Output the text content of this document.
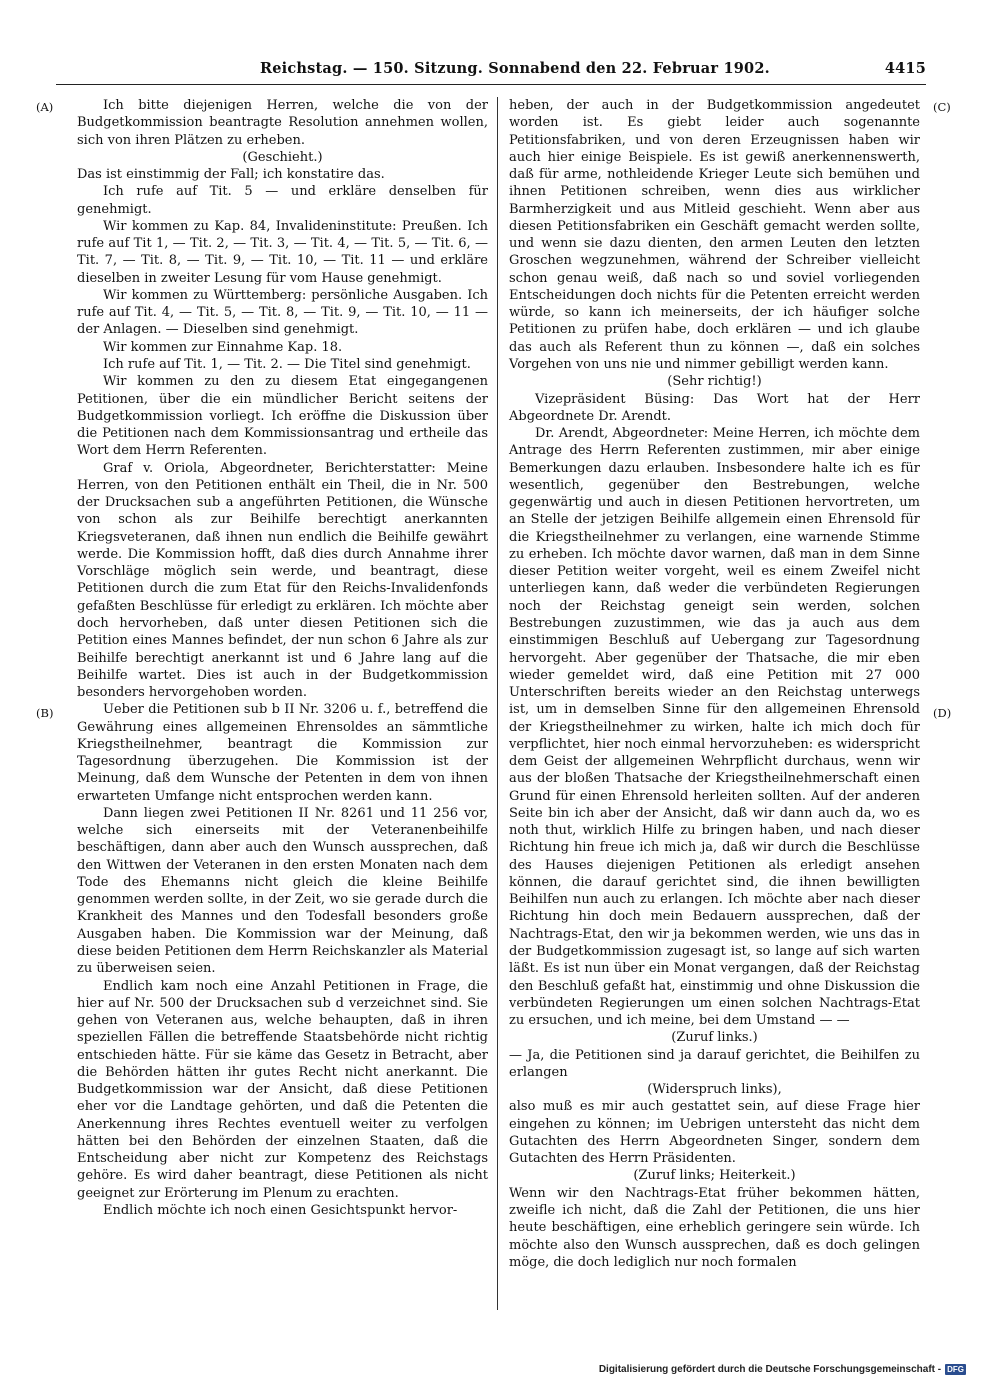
Reichstag. — 150. Sitzung. Sonnabend den 22. Februar 1902.	4415
(A)
(B)
(C)
(D)

Ich bitte diejenigen Herren, welche die von der Budgetkommission beantragte Resolution annehmen wollen, sich von ihren Plätzen zu erheben.

(Geschieht.)

Das ist einstimmig der Fall; ich konstatire das.

Ich rufe auf Tit. 5 — und erkläre denselben für genehmigt.

Wir kommen zu Kap. 84, Invalideninstitute: Preußen. Ich rufe auf Tit 1, — Tit. 2, — Tit. 3, — Tit. 4, — Tit. 5, — Tit. 6, — Tit. 7, — Tit. 8, — Tit. 9, — Tit. 10, — Tit. 11 — und erkläre dieselben in zweiter Lesung für vom Hause genehmigt.

Wir kommen zu Württemberg: persönliche Ausgaben. Ich rufe auf Tit. 4, — Tit. 5, — Tit. 8, — Tit. 9, — Tit. 10, — 11 — der Anlagen. — Dieselben sind genehmigt.

Wir kommen zur Einnahme Kap. 18.

Ich rufe auf Tit. 1, — Tit. 2. — Die Titel sind genehmigt.

Wir kommen zu den zu diesem Etat eingegangenen Petitionen, über die ein mündlicher Bericht seitens der Budgetkommission vorliegt. Ich eröffne die Diskussion über die Petitionen nach dem Kommissionsantrag und ertheile das Wort dem Herrn Referenten.

Graf v. Oriola, Abgeordneter, Berichterstatter: Meine Herren, von den Petitionen enthält ein Theil, die in Nr. 500 der Drucksachen sub a angeführten Petitionen, die Wünsche von schon als zur Beihilfe berechtigt anerkannten Kriegsveteranen, daß ihnen nun endlich die Beihilfe gewährt werde. Die Kommission hofft, daß dies durch Annahme ihrer Vorschläge möglich sein werde, und beantragt, diese Petitionen durch die zum Etat für den Reichs-Invalidenfonds gefaßten Beschlüsse für erledigt zu erklären. Ich möchte aber doch hervorheben, daß unter diesen Petitionen sich die Petition eines Mannes befindet, der nun schon 6 Jahre als zur Beihilfe berechtigt anerkannt ist und 6 Jahre lang auf die Beihilfe wartet. Dies ist auch in der Budgetkommission besonders hervorgehoben worden.

Ueber die Petitionen sub b II Nr. 3206 u. f., betreffend die Gewährung eines allgemeinen Ehrensoldes an sämmtliche Kriegstheilnehmer, beantragt die Kommission zur Tagesordnung überzugehen. Die Kommission ist der Meinung, daß dem Wunsche der Petenten in dem von ihnen erwarteten Umfange nicht entsprochen werden kann.

Dann liegen zwei Petitionen II Nr. 8261 und 11 256 vor, welche sich einerseits mit der Veteranenbeihilfe beschäftigen, dann aber auch den Wunsch aussprechen, daß den Wittwen der Veteranen in den ersten Monaten nach dem Tode des Ehemanns nicht gleich die kleine Beihilfe genommen werden sollte, in der Zeit, wo sie gerade durch die Krankheit des Mannes und den Todesfall besonders große Ausgaben haben. Die Kommission war der Meinung, daß diese beiden Petitionen dem Herrn Reichskanzler als Material zu überweisen seien.

Endlich kam noch eine Anzahl Petitionen in Frage, die hier auf Nr. 500 der Drucksachen sub d verzeichnet sind. Sie gehen von Veteranen aus, welche behaupten, daß in ihren speziellen Fällen die betreffende Staatsbehörde nicht richtig entschieden hätte. Für sie käme das Gesetz in Betracht, aber die Behörden hätten ihr gutes Recht nicht anerkannt. Die Budgetkommission war der Ansicht, daß diese Petitionen eher vor die Landtage gehörten, und daß die Petenten die Anerkennung ihres Rechtes eventuell weiter zu verfolgen hätten bei den Behörden der einzelnen Staaten, daß die Entscheidung aber nicht zur Kompetenz des Reichstags gehöre. Es wird daher beantragt, diese Petitionen als nicht geeignet zur Erörterung im Plenum zu erachten.

Endlich möchte ich noch einen Gesichtspunkt hervor-

heben, der auch in der Budgetkommission angedeutet worden ist. Es giebt leider auch sogenannte Petitionsfabriken, und von deren Erzeugnissen haben wir auch hier einige Beispiele. Es ist gewiß anerkennenswerth, daß für arme, nothleidende Krieger Leute sich bemühen und ihnen Petitionen schreiben, wenn dies aus wirklicher Barmherzigkeit und aus Mitleid geschieht. Wenn aber aus diesen Petitionsfabriken ein Geschäft gemacht werden sollte, und wenn sie dazu dienten, den armen Leuten den letzten Groschen wegzunehmen, während der Schreiber vielleicht schon genau weiß, daß nach so und soviel vorliegenden Entscheidungen doch nichts für die Petenten erreicht werden würde, so kann ich meinerseits, der ich häufiger solche Petitionen zu prüfen habe, doch erklären — und ich glaube das auch als Referent thun zu können —, daß ein solches Vorgehen von uns nie und nimmer gebilligt werden kann.

(Sehr richtig!)

Vizepräsident Büsing: Das Wort hat der Herr Abgeordnete Dr. Arendt.

Dr. Arendt, Abgeordneter: Meine Herren, ich möchte dem Antrage des Herrn Referenten zustimmen, mir aber einige Bemerkungen dazu erlauben. Insbesondere halte ich es für wesentlich, gegenüber den Bestrebungen, welche gegenwärtig und auch in diesen Petitionen hervortreten, um an Stelle der jetzigen Beihilfe allgemein einen Ehrensold für die Kriegstheilnehmer zu verlangen, eine warnende Stimme zu erheben. Ich möchte davor warnen, daß man in dem Sinne dieser Petition weiter vorgeht, weil es einem Zweifel nicht unterliegen kann, daß weder die verbündeten Regierungen noch der Reichstag geneigt sein werden, solchen Bestrebungen zuzustimmen, wie das ja auch aus dem einstimmigen Beschluß auf Uebergang zur Tagesordnung hervorgeht. Aber gegenüber der Thatsache, die mir eben wieder gemeldet wird, daß eine Petition mit 27 000 Unterschriften bereits wieder an den Reichstag unterwegs ist, um in demselben Sinne für den allgemeinen Ehrensold der Kriegstheilnehmer zu wirken, halte ich mich doch für verpflichtet, hier noch einmal hervorzuheben: es widerspricht dem Geist der allgemeinen Wehrpflicht durchaus, wenn wir aus der bloßen Thatsache der Kriegstheilnehmerschaft einen Grund für einen Ehrensold herleiten sollten. Auf der anderen Seite bin ich aber der Ansicht, daß wir dann auch da, wo es noth thut, wirklich Hilfe zu bringen haben, und nach dieser Richtung hin freue ich mich ja, daß wir durch die Beschlüsse des Hauses diejenigen Petitionen als erledigt ansehen können, die darauf gerichtet sind, die ihnen bewilligten Beihilfen nun auch zu erlangen. Ich möchte aber nach dieser Richtung hin doch mein Bedauern aussprechen, daß der Nachtrags-Etat, den wir ja bekommen werden, wie uns das in der Budgetkommission zugesagt ist, so lange auf sich warten läßt. Es ist nun über ein Monat vergangen, daß der Reichstag den Beschluß gefaßt hat, einstimmig und ohne Diskussion die verbündeten Regierungen um einen solchen Nachtrags-Etat zu ersuchen, und ich meine, bei dem Umstand — —

(Zuruf links.)

— Ja, die Petitionen sind ja darauf gerichtet, die Beihilfen zu erlangen

(Widerspruch links),

also muß es mir auch gestattet sein, auf diese Frage hier eingehen zu können; im Uebrigen untersteht das nicht dem Gutachten des Herrn Abgeordneten Singer, sondern dem Gutachten des Herrn Präsidenten.

(Zuruf links; Heiterkeit.)

Wenn wir den Nachtrags-Etat früher bekommen hätten, zweifle ich nicht, daß die Zahl der Petitionen, die uns hier heute beschäftigen, eine erheblich geringere sein würde. Ich möchte also den Wunsch aussprechen, daß es doch gelingen möge, die doch lediglich nur noch formalen

Digitalisierung gefördert durch die Deutsche Forschungsgemeinschaft - DFG
